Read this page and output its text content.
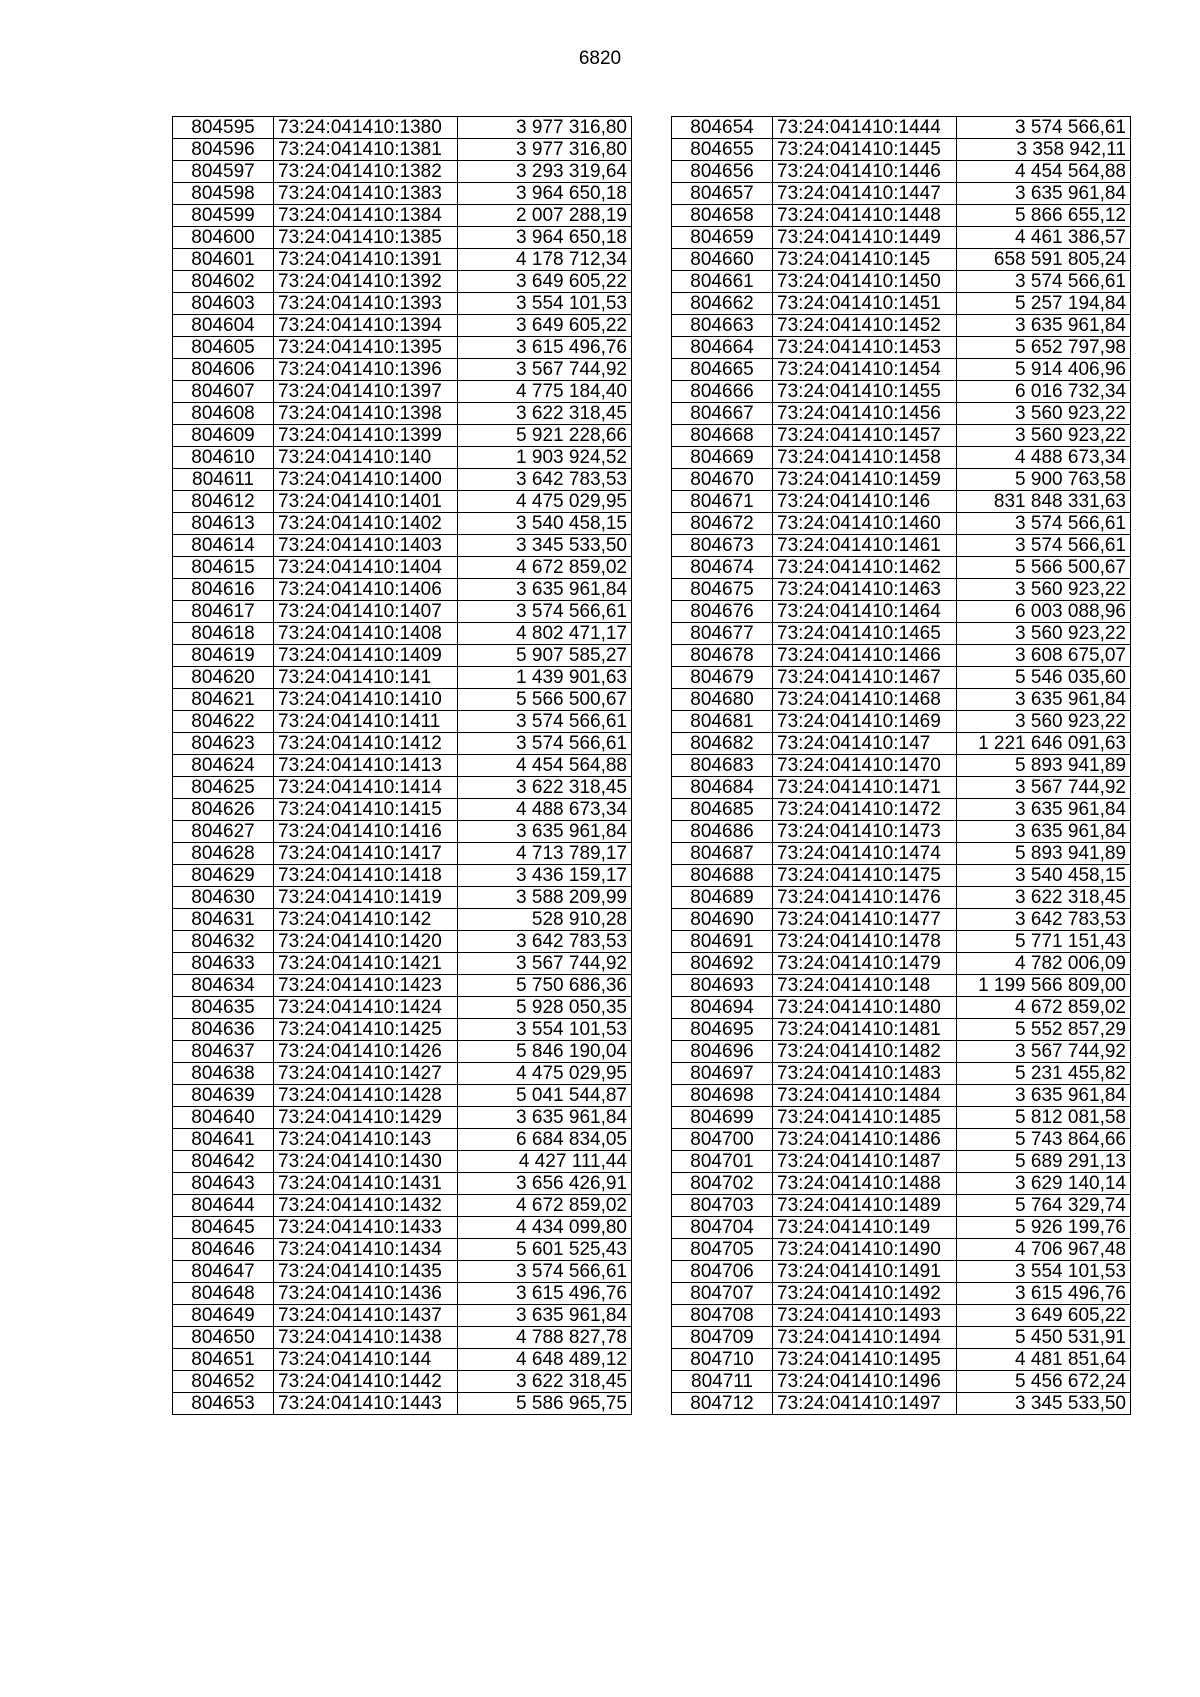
6820
804595	73:24:041410:1380	3 977 316,80
804596	73:24:041410:1381	3 977 316,80
804597	73:24:041410:1382	3 293 319,64
804598	73:24:041410:1383	3 964 650,18
804599	73:24:041410:1384	2 007 288,19
804600	73:24:041410:1385	3 964 650,18
804601	73:24:041410:1391	4 178 712,34
804602	73:24:041410:1392	3 649 605,22
804603	73:24:041410:1393	3 554 101,53
804604	73:24:041410:1394	3 649 605,22
804605	73:24:041410:1395	3 615 496,76
804606	73:24:041410:1396	3 567 744,92
804607	73:24:041410:1397	4 775 184,40
804608	73:24:041410:1398	3 622 318,45
804609	73:24:041410:1399	5 921 228,66
804610	73:24:041410:140	1 903 924,52
804611	73:24:041410:1400	3 642 783,53
804612	73:24:041410:1401	4 475 029,95
804613	73:24:041410:1402	3 540 458,15
804614	73:24:041410:1403	3 345 533,50
804615	73:24:041410:1404	4 672 859,02
804616	73:24:041410:1406	3 635 961,84
804617	73:24:041410:1407	3 574 566,61
804618	73:24:041410:1408	4 802 471,17
804619	73:24:041410:1409	5 907 585,27
804620	73:24:041410:141	1 439 901,63
804621	73:24:041410:1410	5 566 500,67
804622	73:24:041410:1411	3 574 566,61
804623	73:24:041410:1412	3 574 566,61
804624	73:24:041410:1413	4 454 564,88
804625	73:24:041410:1414	3 622 318,45
804626	73:24:041410:1415	4 488 673,34
804627	73:24:041410:1416	3 635 961,84
804628	73:24:041410:1417	4 713 789,17
804629	73:24:041410:1418	3 436 159,17
804630	73:24:041410:1419	3 588 209,99
804631	73:24:041410:142	528 910,28
804632	73:24:041410:1420	3 642 783,53
804633	73:24:041410:1421	3 567 744,92
804634	73:24:041410:1423	5 750 686,36
804635	73:24:041410:1424	5 928 050,35
804636	73:24:041410:1425	3 554 101,53
804637	73:24:041410:1426	5 846 190,04
804638	73:24:041410:1427	4 475 029,95
804639	73:24:041410:1428	5 041 544,87
804640	73:24:041410:1429	3 635 961,84
804641	73:24:041410:143	6 684 834,05
804642	73:24:041410:1430	4 427 111,44
804643	73:24:041410:1431	3 656 426,91
804644	73:24:041410:1432	4 672 859,02
804645	73:24:041410:1433	4 434 099,80
804646	73:24:041410:1434	5 601 525,43
804647	73:24:041410:1435	3 574 566,61
804648	73:24:041410:1436	3 615 496,76
804649	73:24:041410:1437	3 635 961,84
804650	73:24:041410:1438	4 788 827,78
804651	73:24:041410:144	4 648 489,12
804652	73:24:041410:1442	3 622 318,45
804653	73:24:041410:1443	5 586 965,75
804654	73:24:041410:1444	3 574 566,61
804655	73:24:041410:1445	3 358 942,11
804656	73:24:041410:1446	4 454 564,88
804657	73:24:041410:1447	3 635 961,84
804658	73:24:041410:1448	5 866 655,12
804659	73:24:041410:1449	4 461 386,57
804660	73:24:041410:145	658 591 805,24
804661	73:24:041410:1450	3 574 566,61
804662	73:24:041410:1451	5 257 194,84
804663	73:24:041410:1452	3 635 961,84
804664	73:24:041410:1453	5 652 797,98
804665	73:24:041410:1454	5 914 406,96
804666	73:24:041410:1455	6 016 732,34
804667	73:24:041410:1456	3 560 923,22
804668	73:24:041410:1457	3 560 923,22
804669	73:24:041410:1458	4 488 673,34
804670	73:24:041410:1459	5 900 763,58
804671	73:24:041410:146	831 848 331,63
804672	73:24:041410:1460	3 574 566,61
804673	73:24:041410:1461	3 574 566,61
804674	73:24:041410:1462	5 566 500,67
804675	73:24:041410:1463	3 560 923,22
804676	73:24:041410:1464	6 003 088,96
804677	73:24:041410:1465	3 560 923,22
804678	73:24:041410:1466	3 608 675,07
804679	73:24:041410:1467	5 546 035,60
804680	73:24:041410:1468	3 635 961,84
804681	73:24:041410:1469	3 560 923,22
804682	73:24:041410:147	1 221 646 091,63
804683	73:24:041410:1470	5 893 941,89
804684	73:24:041410:1471	3 567 744,92
804685	73:24:041410:1472	3 635 961,84
804686	73:24:041410:1473	3 635 961,84
804687	73:24:041410:1474	5 893 941,89
804688	73:24:041410:1475	3 540 458,15
804689	73:24:041410:1476	3 622 318,45
804690	73:24:041410:1477	3 642 783,53
804691	73:24:041410:1478	5 771 151,43
804692	73:24:041410:1479	4 782 006,09
804693	73:24:041410:148	1 199 566 809,00
804694	73:24:041410:1480	4 672 859,02
804695	73:24:041410:1481	5 552 857,29
804696	73:24:041410:1482	3 567 744,92
804697	73:24:041410:1483	5 231 455,82
804698	73:24:041410:1484	3 635 961,84
804699	73:24:041410:1485	5 812 081,58
804700	73:24:041410:1486	5 743 864,66
804701	73:24:041410:1487	5 689 291,13
804702	73:24:041410:1488	3 629 140,14
804703	73:24:041410:1489	5 764 329,74
804704	73:24:041410:149	5 926 199,76
804705	73:24:041410:1490	4 706 967,48
804706	73:24:041410:1491	3 554 101,53
804707	73:24:041410:1492	3 615 496,76
804708	73:24:041410:1493	3 649 605,22
804709	73:24:041410:1494	5 450 531,91
804710	73:24:041410:1495	4 481 851,64
804711	73:24:041410:1496	5 456 672,24
804712	73:24:041410:1497	3 345 533,50
